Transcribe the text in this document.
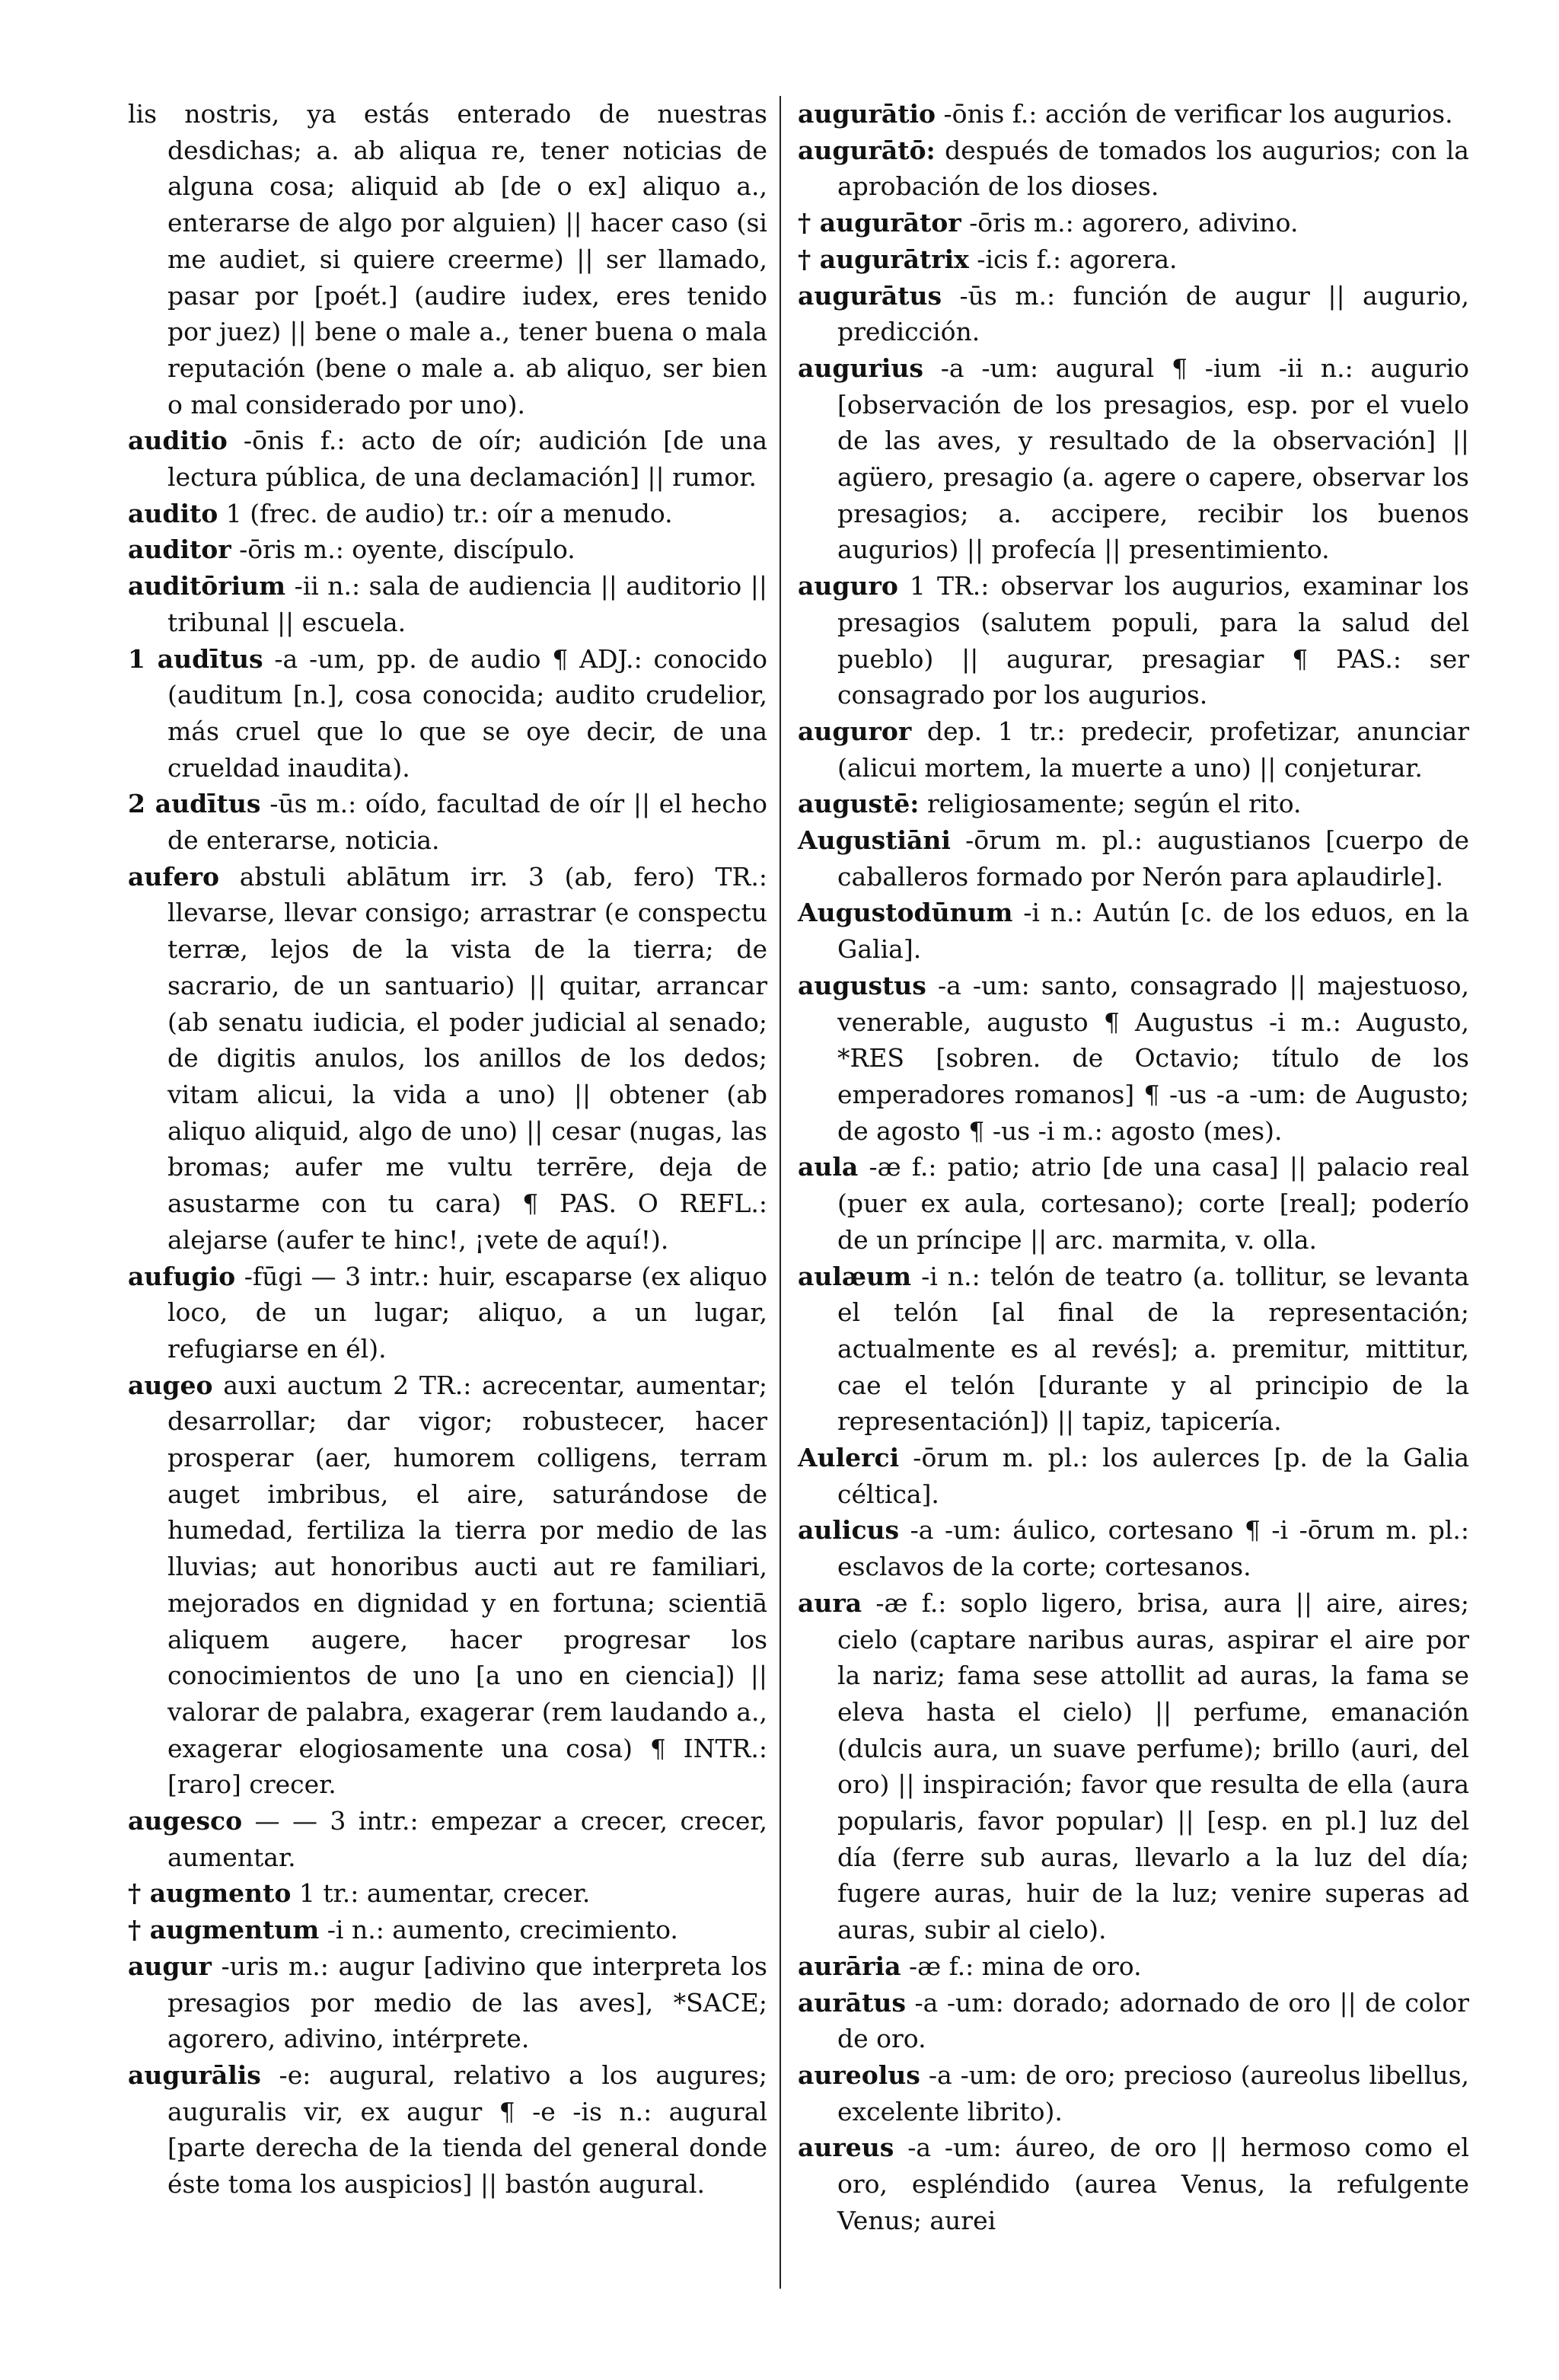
lis nostris, ya estás enterado de nuestras desdichas; a. ab aliqua re, tener noticias de alguna cosa; aliquid ab [de o ex] aliquo a., enterarse de algo por alguien) || hacer caso (si me audiet, si quiere creerme) || ser llamado, pasar por [poét.] (audire iudex, eres tenido por juez) || bene o male a., tener buena o mala reputación (bene o male a. ab aliquo, ser bien o mal considerado por uno).

auditio -ōnis f.: acto de oír; audición [de una lectura pública, de una declamación] || rumor.

audito 1 (frec. de audio) tr.: oír a menudo.

auditor -ōris m.: oyente, discípulo.

auditōrium -ii n.: sala de audiencia || auditorio || tribunal || escuela.

1 audītus -a -um, pp. de audio ¶ ADJ.: conocido (auditum [n.], cosa conocida; audito crudelior, más cruel que lo que se oye decir, de una crueldad inaudita).

2 audītus -ūs m.: oído, facultad de oír || el hecho de enterarse, noticia.

aufero abstuli ablātum irr. 3 (ab, fero) TR.: llevarse, llevar consigo; arrastrar (e conspectu terræ, lejos de la vista de la tierra; de sacrario, de un santuario) || quitar, arrancar (ab senatu iudicia, el poder judicial al senado; de digitis anulos, los anillos de los dedos; vitam alicui, la vida a uno) || obtener (ab aliquo aliquid, algo de uno) || cesar (nugas, las bromas; aufer me vultu terrēre, deja de asustarme con tu cara) ¶ PAS. O REFL.: alejarse (aufer te hinc!, ¡vete de aquí!).

aufugio -fūgi — 3 intr.: huir, escaparse (ex aliquo loco, de un lugar; aliquo, a un lugar, refugiarse en él).

augeo auxi auctum 2 TR.: acrecentar, aumentar; desarrollar; dar vigor; robustecer, hacer prosperar (aer, humorem colligens, terram auget imbribus, el aire, saturándose de humedad, fertiliza la tierra por medio de las lluvias; aut honoribus aucti aut re familiari, mejorados en dignidad y en fortuna; scientiā aliquem augere, hacer progresar los conocimientos de uno [a uno en ciencia]) || valorar de palabra, exagerar (rem laudando a., exagerar elogiosamente una cosa) ¶ INTR.: [raro] crecer.

augesco — — 3 intr.: empezar a crecer, crecer, aumentar.

† augmento 1 tr.: aumentar, crecer.

† augmentum -i n.: aumento, crecimiento.

augur -uris m.: augur [adivino que interpreta los presagios por medio de las aves], *SACE; agorero, adivino, intérprete.

augurālis -e: augural, relativo a los augures; auguralis vir, ex augur ¶ -e -is n.: augural [parte derecha de la tienda del general donde éste toma los auspicios] || bastón augural.

augurātio -ōnis f.: acción de verificar los augurios.

augurātō: después de tomados los augurios; con la aprobación de los dioses.

† augurātor -ōris m.: agorero, adivino.

† augurātrix -icis f.: agorera.

augurātus -ūs m.: función de augur || augurio, predicción.

augurius -a -um: augural ¶ -ium -ii n.: augurio [observación de los presagios, esp. por el vuelo de las aves, y resultado de la observación] || agüero, presagio (a. agere o capere, observar los presagios; a. accipere, recibir los buenos augurios) || profecía || presentimiento.

auguro 1 TR.: observar los augurios, examinar los presagios (salutem populi, para la salud del pueblo) || augurar, presagiar ¶ PAS.: ser consagrado por los augurios.

auguror dep. 1 tr.: predecir, profetizar, anunciar (alicui mortem, la muerte a uno) || conjeturar.

augustē: religiosamente; según el rito.

Augustiāni -ōrum m. pl.: augustianos [cuerpo de caballeros formado por Nerón para aplaudirle].

Augustodūnum -i n.: Autún [c. de los eduos, en la Galia].

augustus -a -um: santo, consagrado || majestuoso, venerable, augusto ¶ Augustus -i m.: Augusto, *RES [sobren. de Octavio; título de los emperadores romanos] ¶ -us -a -um: de Augusto; de agosto ¶ -us -i m.: agosto (mes).

aula -æ f.: patio; atrio [de una casa] || palacio real (puer ex aula, cortesano); corte [real]; poderío de un príncipe || arc. marmita, v. olla.

aulæum -i n.: telón de teatro (a. tollitur, se levanta el telón [al final de la representación; actualmente es al revés]; a. premitur, mittitur, cae el telón [durante y al principio de la representación]) || tapiz, tapicería.

Aulerci -ōrum m. pl.: los aulerces [p. de la Galia céltica].

aulicus -a -um: áulico, cortesano ¶ -i -ōrum m. pl.: esclavos de la corte; cortesanos.

aura -æ f.: soplo ligero, brisa, aura || aire, aires; cielo (captare naribus auras, aspirar el aire por la nariz; fama sese attollit ad auras, la fama se eleva hasta el cielo) || perfume, emanación (dulcis aura, un suave perfume); brillo (auri, del oro) || inspiración; favor que resulta de ella (aura popularis, favor popular) || [esp. en pl.] luz del día (ferre sub auras, llevarlo a la luz del día; fugere auras, huir de la luz; venire superas ad auras, subir al cielo).

aurāria -æ f.: mina de oro.

aurātus -a -um: dorado; adornado de oro || de color de oro.

aureolus -a -um: de oro; precioso (aureolus libellus, excelente librito).

aureus -a -um: áureo, de oro || hermoso como el oro, espléndido (aurea Venus, la refulgente Venus; aurei
